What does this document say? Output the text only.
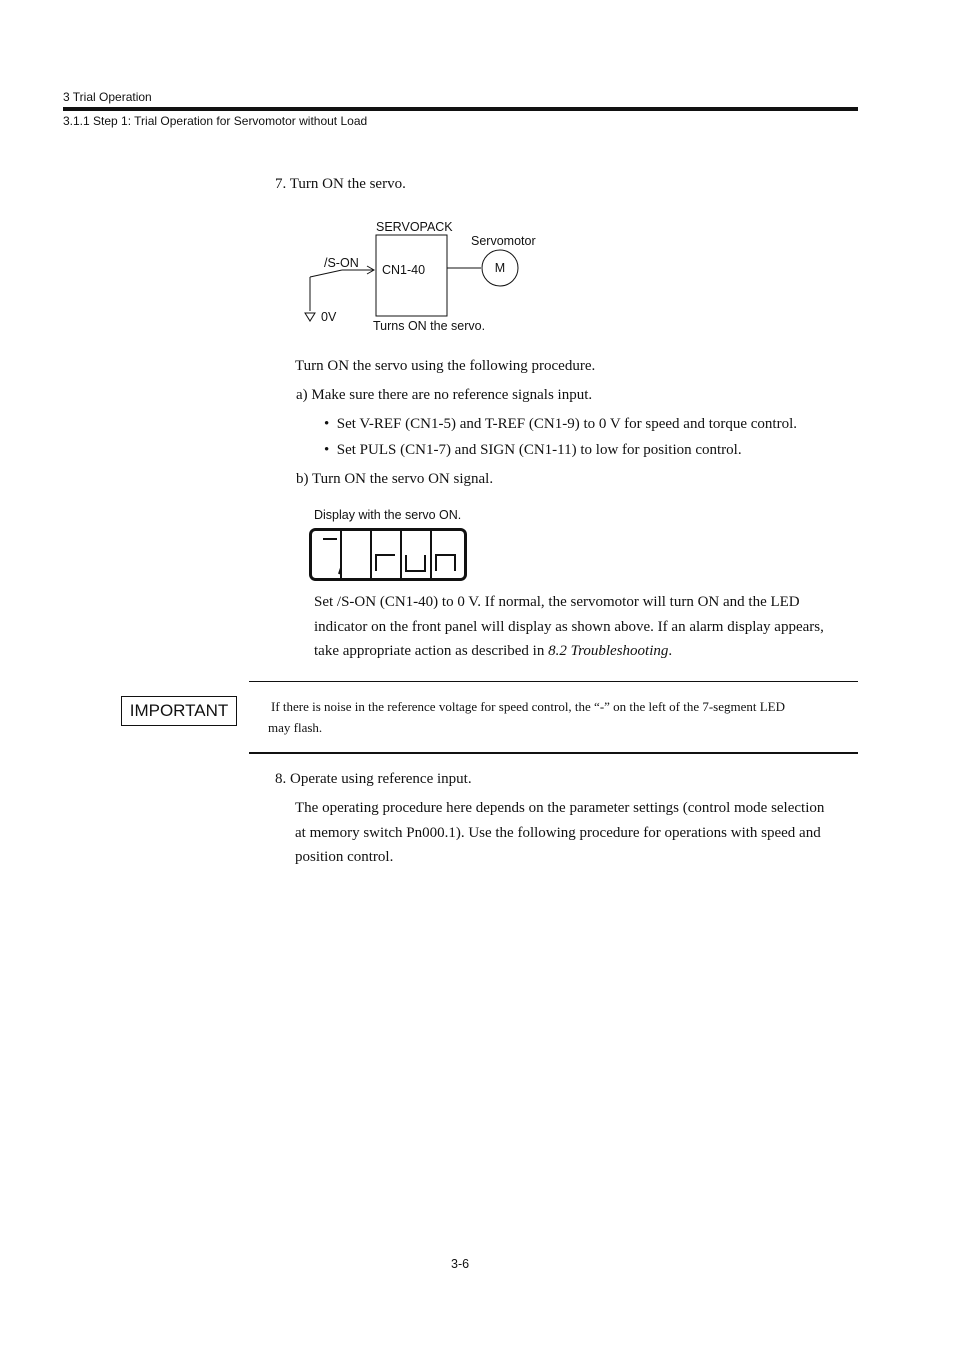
3 Trial Operation
3.1.1 Step 1: Trial Operation for Servomotor without Load
7. Turn ON the servo.
SERVOPACK
Servomotor
/S-ON CN1-40	M
0V
Turns ON the servo.
Turn ON the servo using the following procedure.
a) Make sure there are no reference signals input.
• Set V-REF (CN1-5) and T-REF (CN1-9) to 0 V for speed and torque control.
• Set PULS (CN1-7) and SIGN (CN1-11) to low for position control.
b) Turn ON the servo ON signal.
Display with the servo ON.
Set /S-ON (CN1-40) to 0 V. If normal, the servomotor will turn ON and the LED
indicator on the front panel will display as shown above. If an alarm display appears,
take appropriate action as described in 8.2 Troubleshooting.
IMPORTANT	If there is noise in the reference voltage for speed control, the “-” on the left of the 7-segment LED
may flash.
8. Operate using reference input.
The operating procedure here depends on the parameter settings (control mode selection
at memory switch Pn000.1). Use the following procedure for operations with speed and
position control.
3-6
